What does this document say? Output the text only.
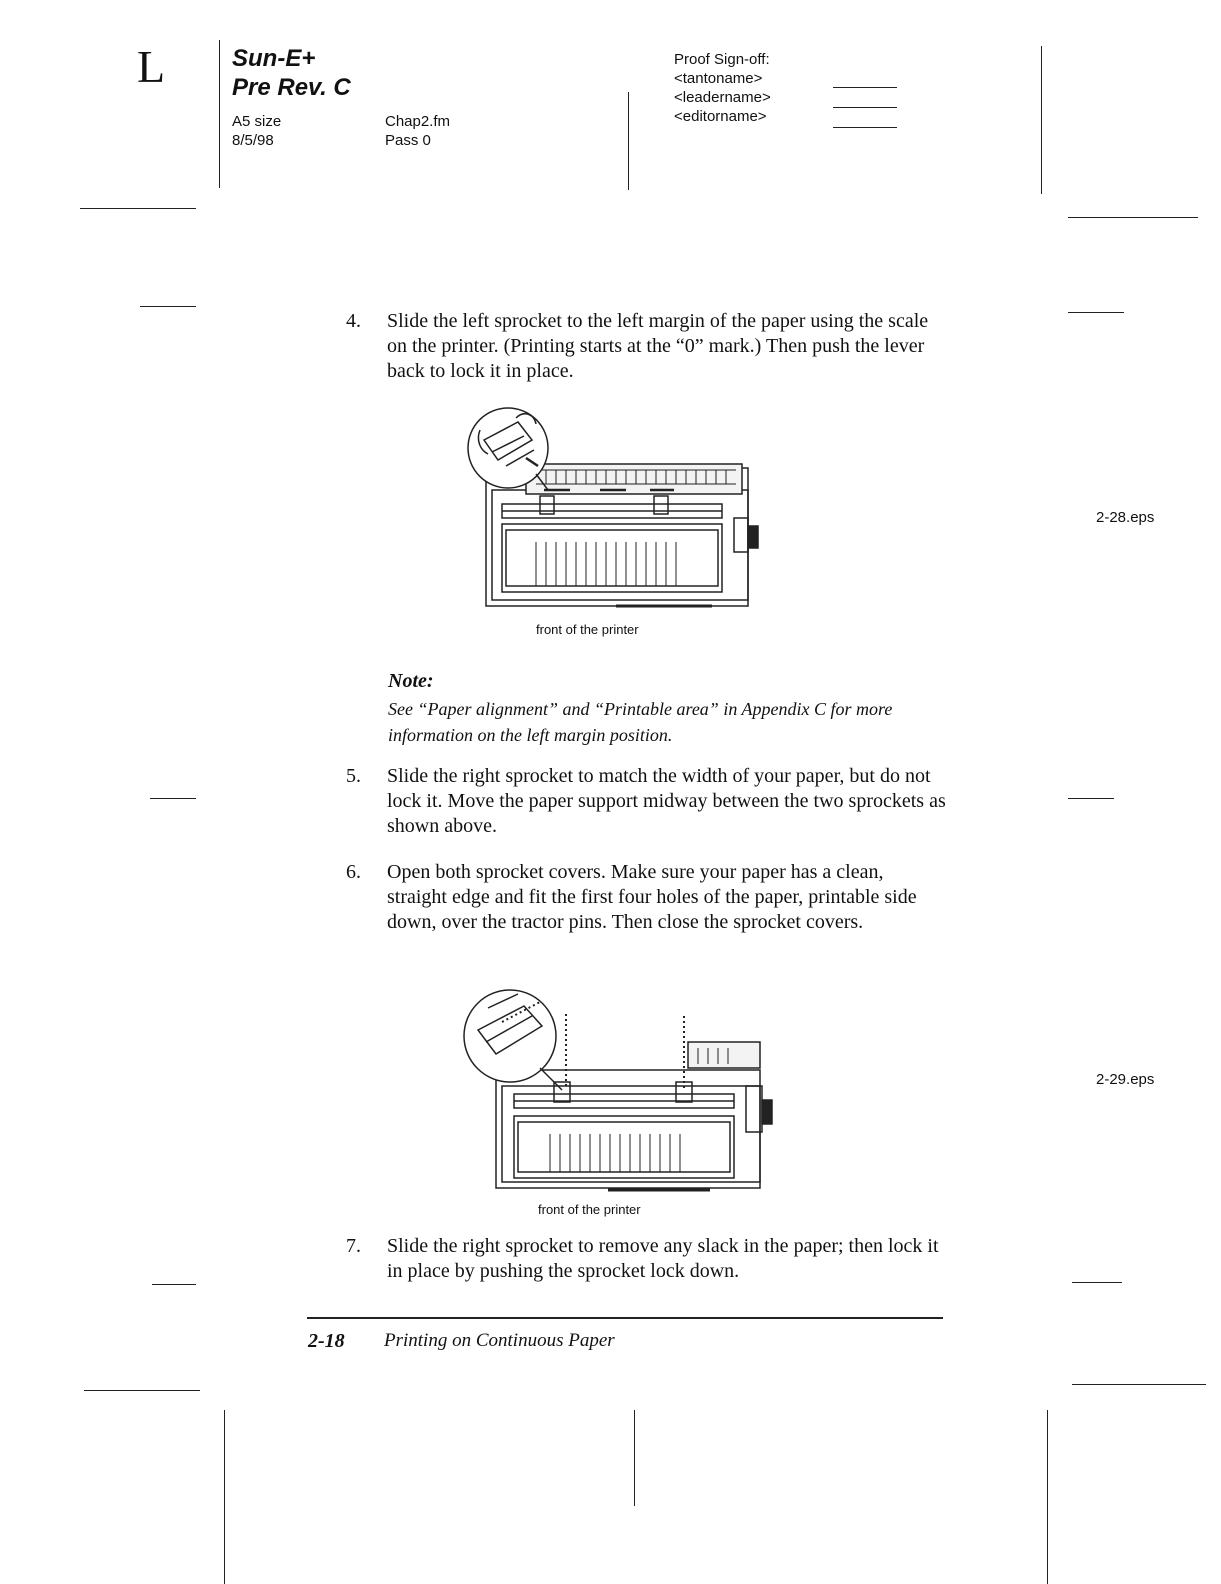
L	Sun-E+
Pre Rev. C
A5 size
8/5/98
Chap2.fm
Pass 0
Proof Sign-off:
<tantoname>
<leadername>
<editorname>
4. Slide the left sprocket to the left margin of the paper using the scale on the printer. (Printing starts at the “0” mark.) Then push the lever back to lock it in place.
front of the printer
2-28.eps
Note:
See “Paper alignment” and “Printable area” in Appendix C for more information on the left margin position.
5. Slide the right sprocket to match the width of your paper, but do not lock it. Move the paper support midway between the two sprockets as shown above.
6. Open both sprocket covers. Make sure your paper has a clean, straight edge and fit the first four holes of the paper, printable side down, over the tractor pins. Then close the sprocket covers.
front of the printer
2-29.eps
7. Slide the right sprocket to remove any slack in the paper; then lock it in place by pushing the sprocket lock down.
2-18 Printing on Continuous Paper
